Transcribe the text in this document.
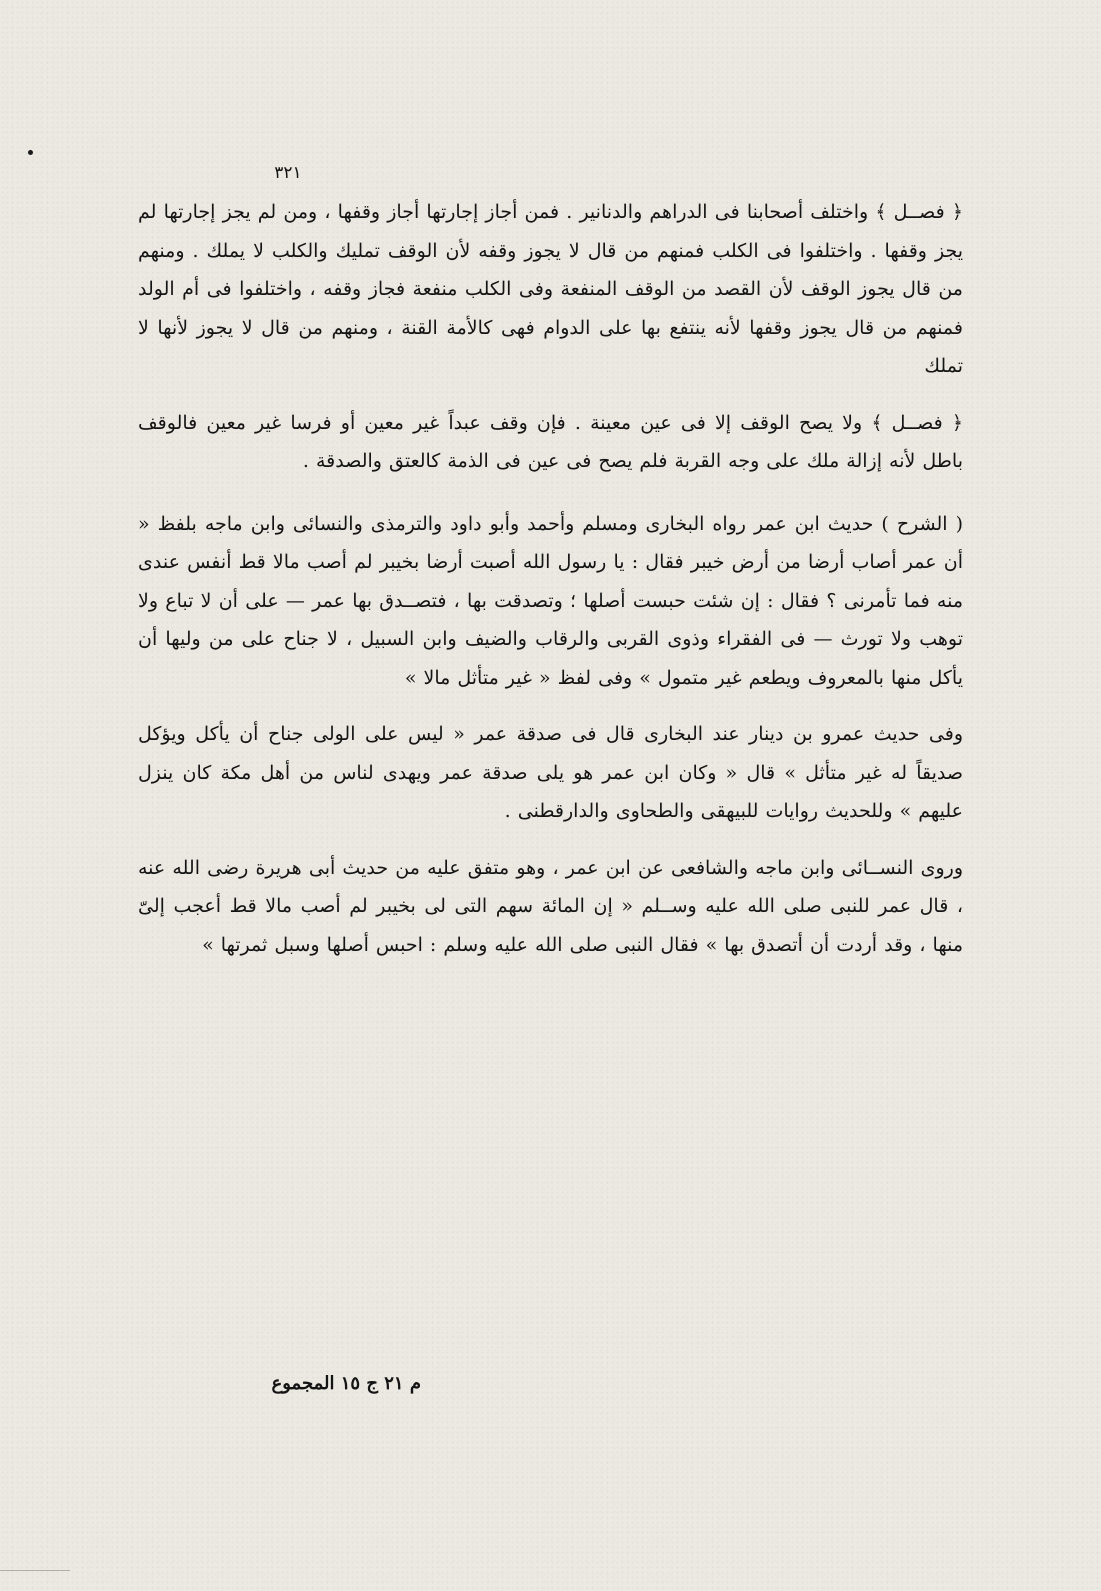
٣٢١

﴿ فصــل ﴾ واختلف أصحابنا فى الدراهم والدنانير . فمن أجاز إجارتها أجاز وقفها ، ومن لم يجز إجارتها لم يجز وقفها . واختلفوا فى الكلب فمنهم من قال لا يجوز وقفه لأن الوقف تمليك والكلب لا يملك . ومنهم من قال يجوز الوقف لأن القصد من الوقف المنفعة وفى الكلب منفعة فجاز وقفه ، واختلفوا فى أم الولد فمنهم من قال يجوز وقفها لأنه ينتفع بها على الدوام فهى كالأمة القنة ، ومنهم من قال لا يجوز لأنها لا تملك

﴿ فصــل ﴾ ولا يصح الوقف إلا فى عين معينة . فإن وقف عبداً غير معين أو فرسا غير معين فالوقف باطل لأنه إزالة ملك على وجه القربة فلم يصح فى عين فى الذمة كالعتق والصدقة .

( الشرح ) حديث ابن عمر رواه البخارى ومسلم وأحمد وأبو داود والترمذى والنسائى وابن ماجه بلفظ « أن عمر أصاب أرضا من أرض خيبر فقال : يا رسول الله أصبت أرضا بخيبر لم أصب مالا قط أنفس عندى منه فما تأمرنى ؟ فقال : إن شئت حبست أصلها ؛ وتصدقت بها ، فتصــدق بها عمر — على أن لا تباع ولا توهب ولا تورث — فى الفقراء وذوى القربى والرقاب والضيف وابن السبيل ، لا جناح على من وليها أن يأكل منها بالمعروف ويطعم غير متمول » وفى لفظ « غير متأثل مالا »

وفى حديث عمرو بن دينار عند البخارى قال فى صدقة عمر « ليس على الولى جناح أن يأكل ويؤكل صديقاً له غير متأثل » قال « وكان ابن عمر هو يلى صدقة عمر ويهدى لناس من أهل مكة كان ينزل عليهم » وللحديث روايات للبيهقى والطحاوى والدارقطنى .

وروى النســائى وابن ماجه والشافعى عن ابن عمر ، وهو متفق عليه من حديث أبى هريرة رضى الله عنه ، قال عمر للنبى صلى الله عليه وســلم « إن المائة سهم التى لى بخيبر لم أصب مالا قط أعجب إلىّ منها ، وقد أردت أن أتصدق بها » فقال النبى صلى الله عليه وسلم : احبس أصلها وسبل ثمرتها »

م ٢١ ج ١٥ المجموع
